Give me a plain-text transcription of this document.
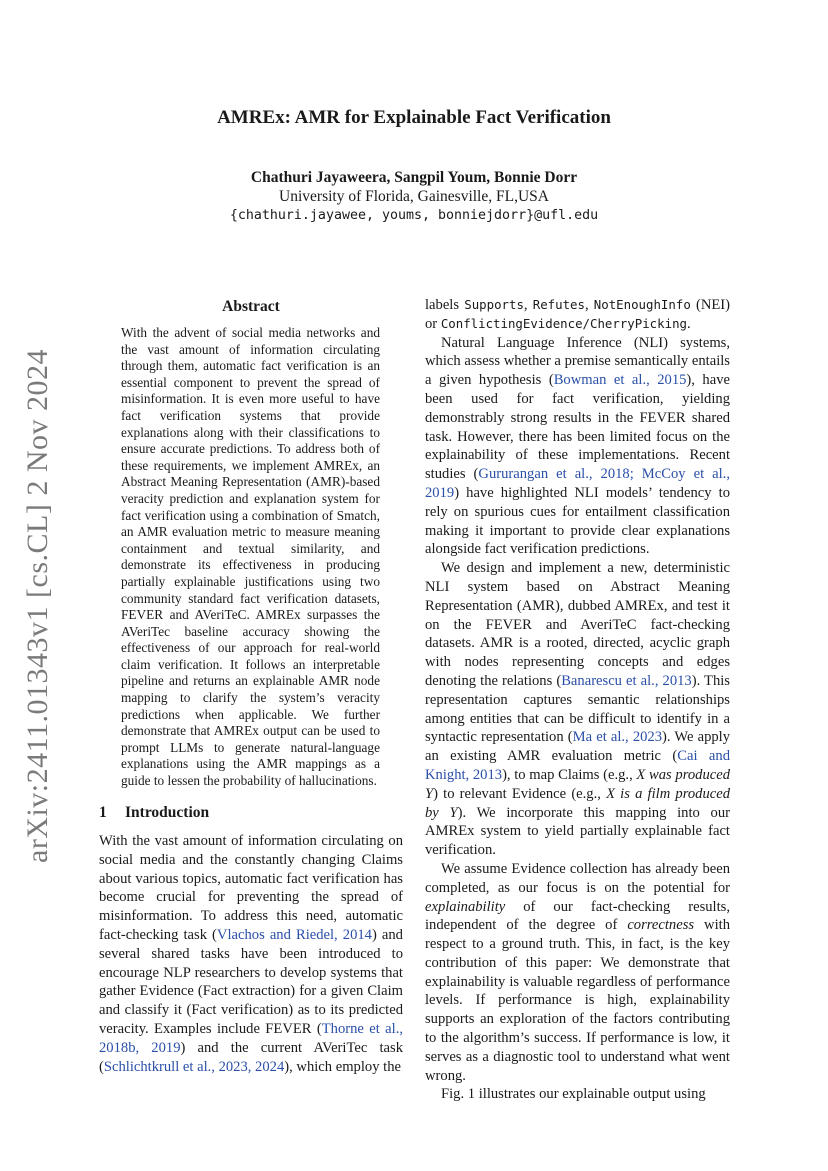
AMREx: AMR for Explainable Fact Verification
Chathuri Jayaweera, Sangpil Youm, Bonnie Dorr
University of Florida, Gainesville, FL,USA
{chathuri.jayawee, youms, bonniejdorr}@ufl.edu
arXiv:2411.01343v1 [cs.CL] 2 Nov 2024
Abstract

With the advent of social media networks and the vast amount of information circulating through them, automatic fact verification is an essential component to prevent the spread of misinformation. It is even more useful to have fact verification systems that provide explanations along with their classifications to ensure accurate predictions. To address both of these requirements, we implement AMREx, an Abstract Meaning Representation (AMR)-based veracity prediction and explanation system for fact verification using a combination of Smatch, an AMR evaluation metric to measure meaning containment and textual similarity, and demonstrate its effectiveness in producing partially explainable justifications using two community standard fact verification datasets, FEVER and AVeriTeC. AMREx surpasses the AVeriTec baseline accuracy showing the effectiveness of our approach for real-world claim verification. It follows an interpretable pipeline and returns an explainable AMR node mapping to clarify the system’s veracity predictions when applicable. We further demonstrate that AMREx output can be used to prompt LLMs to generate natural-language explanations using the AMR mappings as a guide to lessen the probability of hallucinations.

1 Introduction

With the vast amount of information circulating on social media and the constantly changing Claims about various topics, automatic fact verification has become crucial for preventing the spread of misinformation. To address this need, automatic fact-checking task (Vlachos and Riedel, 2014) and several shared tasks have been introduced to encourage NLP researchers to develop systems that gather Evidence (Fact extraction) for a given Claim and classify it (Fact verification) as to its predicted veracity. Examples include FEVER (Thorne et al., 2018b, 2019) and the current AVeriTec task (Schlichtkrull et al., 2023, 2024), which employ the

labels Supports, Refutes, NotEnoughInfo (NEI) or ConflictingEvidence/CherryPicking.

Natural Language Inference (NLI) systems, which assess whether a premise semantically entails a given hypothesis (Bowman et al., 2015), have been used for fact verification, yielding demonstrably strong results in the FEVER shared task. However, there has been limited focus on the explainability of these implementations. Recent studies (Gururangan et al., 2018; McCoy et al., 2019) have highlighted NLI models’ tendency to rely on spurious cues for entailment classification making it important to provide clear explanations alongside fact verification predictions.

We design and implement a new, deterministic NLI system based on Abstract Meaning Representation (AMR), dubbed AMREx, and test it on the FEVER and AveriTeC fact-checking datasets. AMR is a rooted, directed, acyclic graph with nodes representing concepts and edges denoting the relations (Banarescu et al., 2013). This representation captures semantic relationships among entities that can be difficult to identify in a syntactic representation (Ma et al., 2023). We apply an existing AMR evaluation metric (Cai and Knight, 2013), to map Claims (e.g., X was produced Y) to relevant Evidence (e.g., X is a film produced by Y). We incorporate this mapping into our AMREx system to yield partially explainable fact verification.

We assume Evidence collection has already been completed, as our focus is on the potential for explainability of our fact-checking results, independent of the degree of correctness with respect to a ground truth. This, in fact, is the key contribution of this paper: We demonstrate that explainability is valuable regardless of performance levels. If performance is high, explainability supports an exploration of the factors contributing to the algorithm’s success. If performance is low, it serves as a diagnostic tool to understand what went wrong.

Fig. 1 illustrates our explainable output using
